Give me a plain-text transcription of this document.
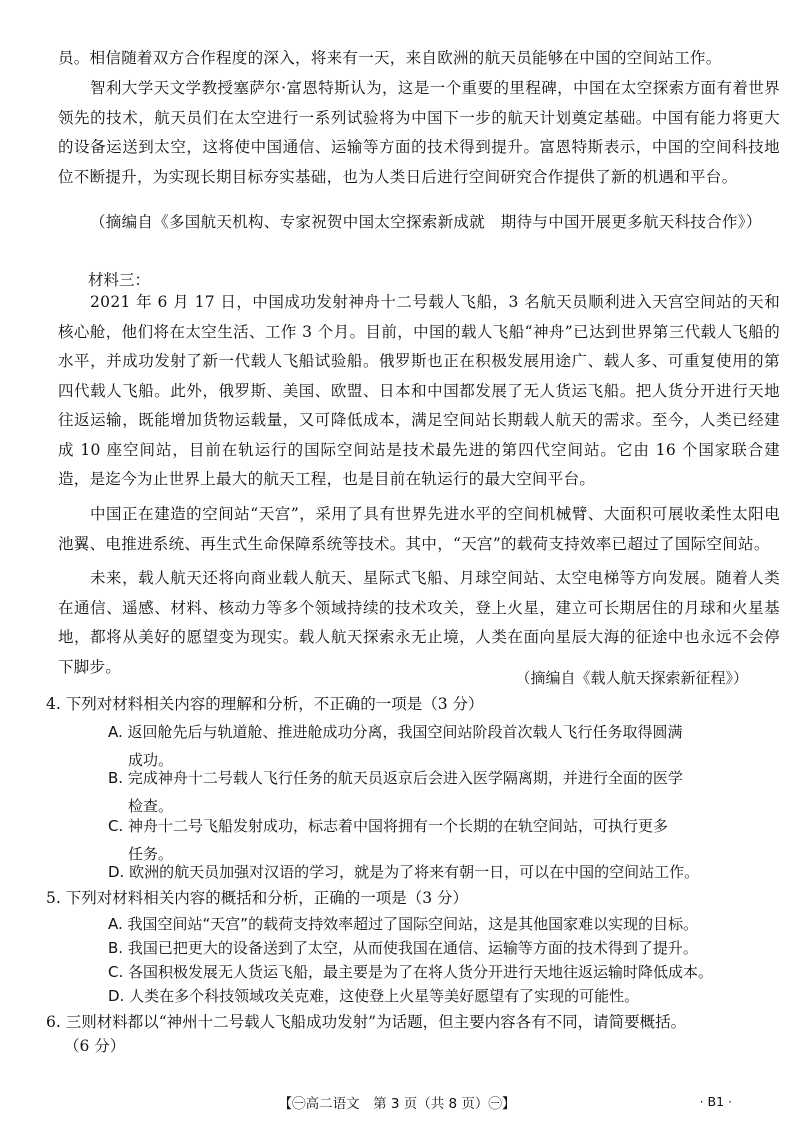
员。相信随着双方合作程度的深入，将来有一天，来自欧洲的航天员能够在中国的空间站工作。

智利大学天文学教授塞萨尔·富恩特斯认为，这是一个重要的里程碑，中国在太空探索方面有着世界领先的技术，航天员们在太空进行一系列试验将为中国下一步的航天计划奠定基础。中国有能力将更大的设备运送到太空，这将使中国通信、运输等方面的技术得到提升。富恩特斯表示，中国的空间科技地位不断提升，为实现长期目标夯实基础，也为人类日后进行空间研究合作提供了新的机遇和平台。

（摘编自《多国航天机构、专家祝贺中国太空探索新成就　期待与中国开展更多航天科技合作》）

材料三：

2021 年 6 月 17 日，中国成功发射神舟十二号载人飞船，3 名航天员顺利进入天宫空间站的天和核心舱，他们将在太空生活、工作 3 个月。目前，中国的载人飞船“神舟”已达到世界第三代载人飞船的水平，并成功发射了新一代载人飞船试验船。俄罗斯也正在积极发展用途广、载人多、可重复使用的第四代载人飞船。此外，俄罗斯、美国、欧盟、日本和中国都发展了无人货运飞船。把人货分开进行天地往返运输，既能增加货物运载量，又可降低成本，满足空间站长期载人航天的需求。至今，人类已经建成 10 座空间站，目前在轨运行的国际空间站是技术最先进的第四代空间站。它由 16 个国家联合建造，是迄今为止世界上最大的航天工程，也是目前在轨运行的最大空间平台。

中国正在建造的空间站“天宫”，采用了具有世界先进水平的空间机械臂、大面积可展收柔性太阳电池翼、电推进系统、再生式生命保障系统等技术。其中，“天宫”的载荷支持效率已超过了国际空间站。

未来，载人航天还将向商业载人航天、星际式飞船、月球空间站、太空电梯等方向发展。随着人类在通信、遥感、材料、核动力等多个领域持续的技术攻关，登上火星，建立可长期居住的月球和火星基地，都将从美好的愿望变为现实。载人航天探索永无止境，人类在面向星辰大海的征途中也永远不会停下脚步。

（摘编自《载人航天探索新征程》）

4. 下列对材料相关内容的理解和分析，不正确的一项是（3 分）

A. 返回舱先后与轨道舱、推进舱成功分离，我国空间站阶段首次载人飞行任务取得圆满
成功。

B. 完成神舟十二号载人飞行任务的航天员返京后会进入医学隔离期，并进行全面的医学
检查。

C. 神舟十二号飞船发射成功，标志着中国将拥有一个长期的在轨空间站，可执行更多
任务。

D. 欧洲的航天员加强对汉语的学习，就是为了将来有朝一日，可以在中国的空间站工作。

5. 下列对材料相关内容的概括和分析，正确的一项是（3 分）

A. 我国空间站“天宫”的载荷支持效率超过了国际空间站，这是其他国家难以实现的目标。

B. 我国已把更大的设备送到了太空，从而使我国在通信、运输等方面的技术得到了提升。

C. 各国积极发展无人货运飞船，最主要是为了在将人货分开进行天地往返运输时降低成本。

D. 人类在多个科技领域攻关克难，这使登上火星等美好愿望有了实现的可能性。

6. 三则材料都以“神州十二号载人飞船成功发射”为话题，但主要内容各有不同，请简要概括。

（6 分）

【㊀高二语文　第 3 页（共 8 页）㊀】	· B1 ·
